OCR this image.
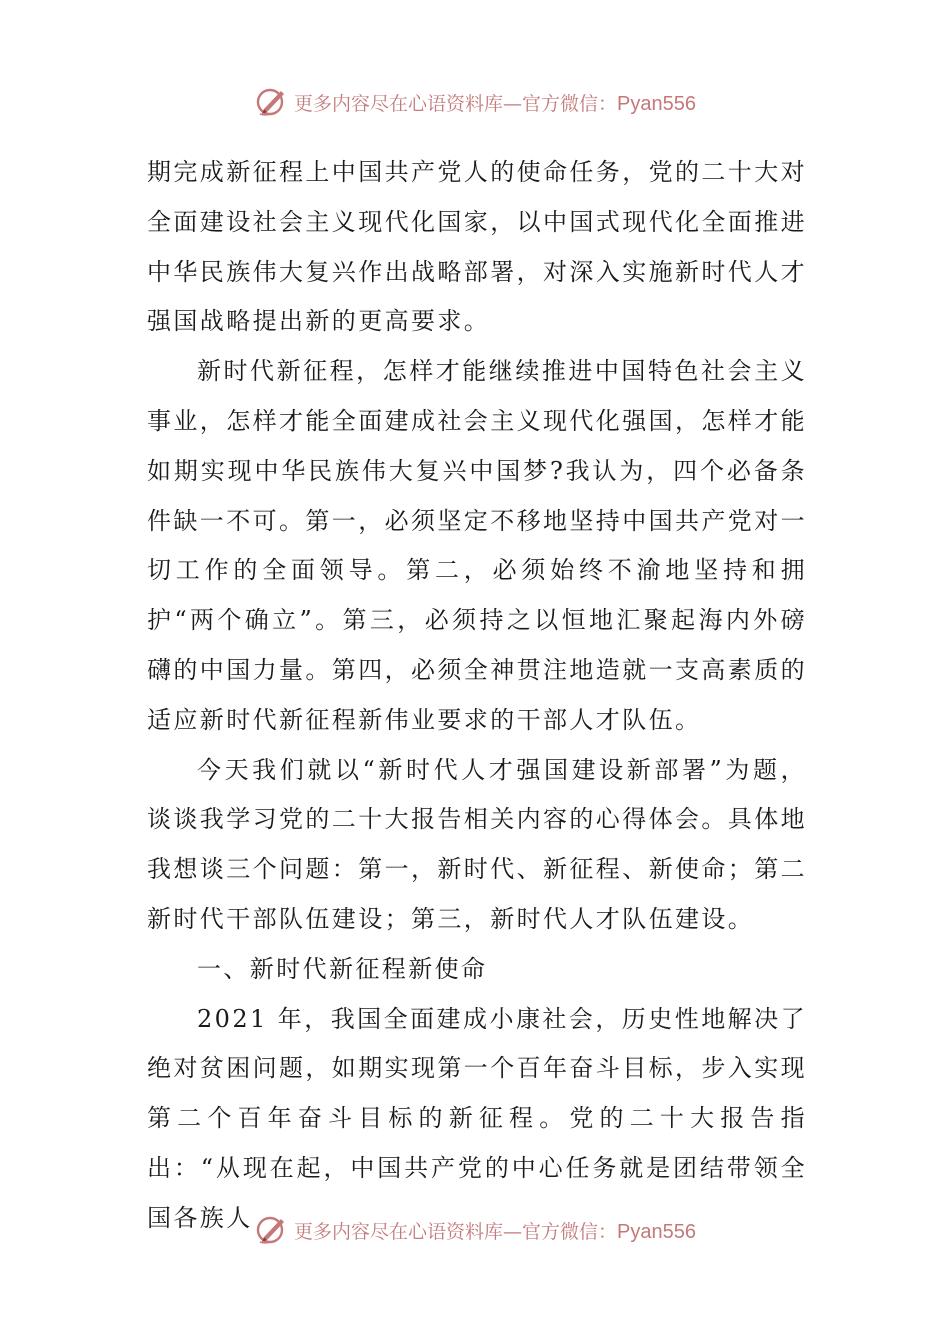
更多内容尽在心语资料库—官方微信：Pyan556

期完成新征程上中国共产党人的使命任务，党的二十大对全面建设社会主义现代化国家，以中国式现代化全面推进中华民族伟大复兴作出战略部署，对深入实施新时代人才强国战略提出新的更高要求。

新时代新征程，怎样才能继续推进中国特色社会主义事业，怎样才能全面建成社会主义现代化强国，怎样才能如期实现中华民族伟大复兴中国梦?我认为，四个必备条件缺一不可。第一，必须坚定不移地坚持中国共产党对一切工作的全面领导。第二，必须始终不渝地坚持和拥护“两个确立”。第三，必须持之以恒地汇聚起海内外磅礴的中国力量。第四，必须全神贯注地造就一支高素质的适应新时代新征程新伟业要求的干部人才队伍。

今天我们就以“新时代人才强国建设新部署”为题，谈谈我学习党的二十大报告相关内容的心得体会。具体地我想谈三个问题：第一，新时代、新征程、新使命；第二新时代干部队伍建设；第三，新时代人才队伍建设。

一、新时代新征程新使命

2021 年，我国全面建成小康社会，历史性地解决了绝对贫困问题，如期实现第一个百年奋斗目标，步入实现第二个百年奋斗目标的新征程。党的二十大报告指出：“从现在起，中国共产党的中心任务就是团结带领全国各族人	更多内容尽在心语资料库—官方微信：Pyan556
